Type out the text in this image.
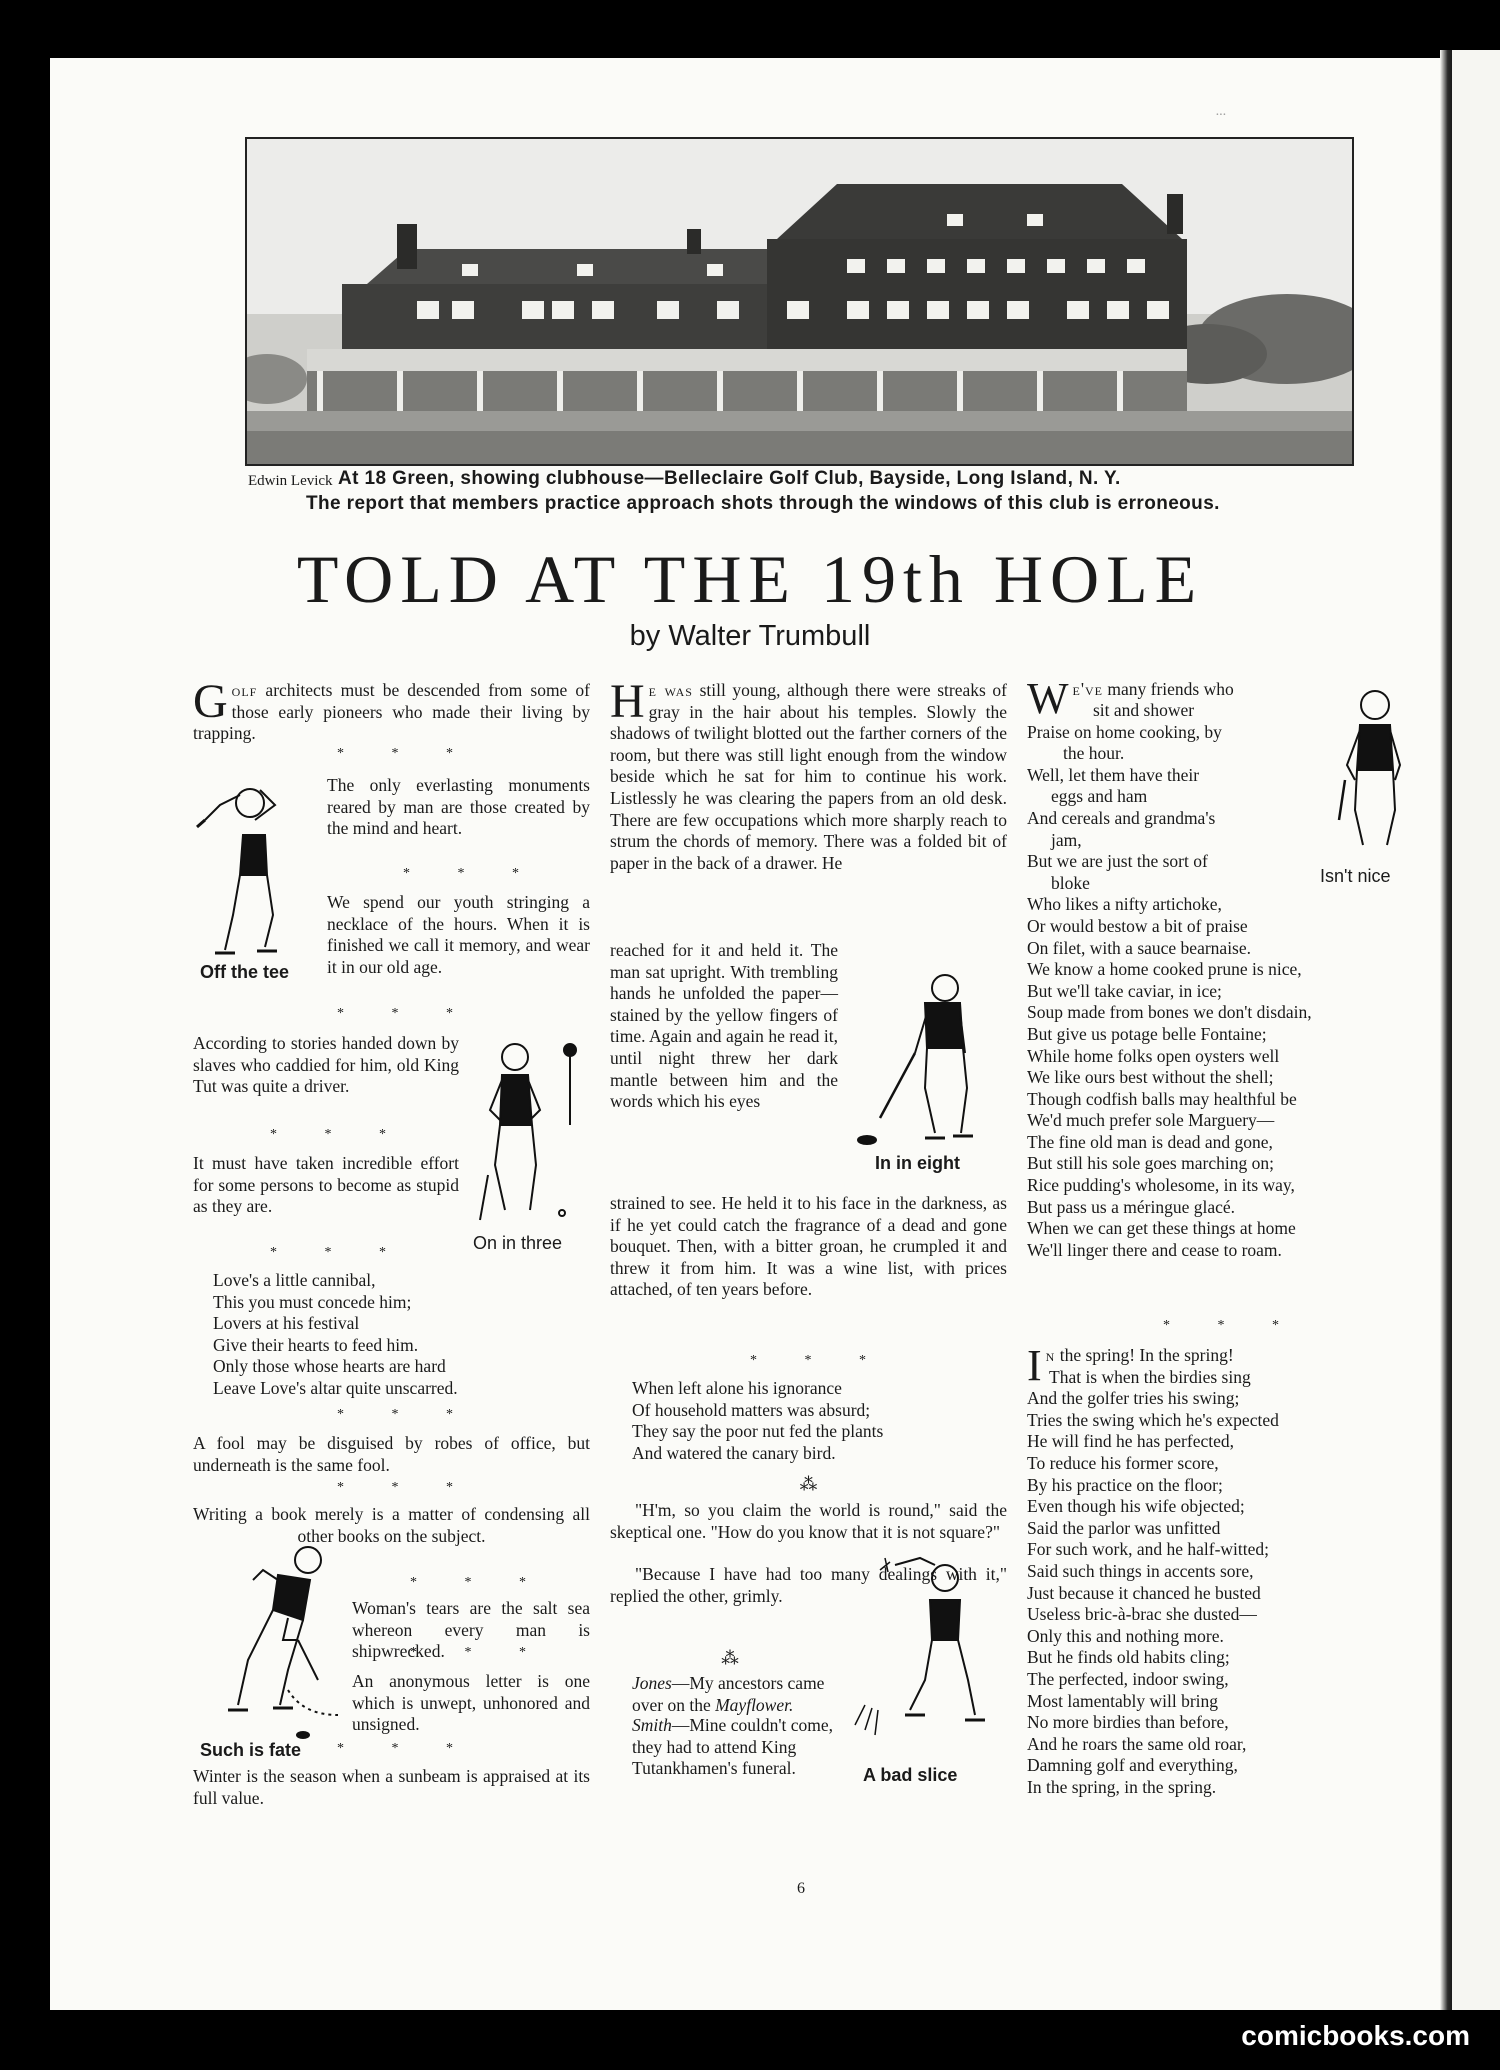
...
Edwin Levick At 18 Green, showing clubhouse—Belleclaire Golf Club, Bayside, Long Island, N. Y.
The report that members practice approach shots through the windows of this club is erroneous.
TOLD AT THE 19th HOLE
by Walter Trumbull

Golf architects must be descended from some of those early pioneers who made their living by trapping.

* * *
Off the tee

The only everlasting monuments reared by man are those created by the mind and heart.

* * *

We spend our youth stringing a necklace of the hours. When it is finished we call it memory, and wear it in our old age.

* * *

According to stories handed down by slaves who caddied for him, old King Tut was quite a driver.

* * *

It must have taken incredible effort for some persons to become as stupid as they are.

* * *	On in three
Love's a little cannibal,
This you must concede him;
Lovers at his festival
Give their hearts to feed him.
Only those whose hearts are hard
Leave Love's altar quite unscarred.
* * *

A fool may be disguised by robes of office, but underneath is the same fool.

* * *

Writing a book merely is a matter of condensing all other books on the subject.

* * *
Such is fate

Woman's tears are the salt sea whereon every man is shipwrecked.

* * *

An anonymous letter is one which is unwept, unhonored and unsigned.

* * *

Winter is the season when a sunbeam is appraised at its full value.

He was still young, although there were streaks of gray in the hair about his temples. Slowly the shadows of twilight blotted out the farther corners of the room, but there was still light enough from the window beside which he sat for him to continue his work. Listlessly he was clearing the papers from an old desk. There are few occupations which more sharply reach to strum the chords of memory. There was a folded bit of paper in the back of a drawer. He

reached for it and held it. The man sat upright. With trembling hands he unfolded the paper—stained by the yellow fingers of time. Again and again he read it, until night threw her dark mantle between him and the words which his eyes

In in eight

strained to see. He held it to his face in the darkness, as if he yet could catch the fragrance of a dead and gone bouquet. Then, with a bitter groan, he crumpled it and threw it from him. It was a wine list, with prices attached, of ten years before.

* * *
When left alone his ignorance
Of household matters was absurd;
They say the poor nut fed the plants
And watered the canary bird.
⁂

"H'm, so you claim the world is round," said the skeptical one. "How do you know that it is not square?"

"Because I have had too many dealings with it," replied the other, grimly.

⁂

Jones—My ancestors came over on the Mayflower.

Smith—Mine couldn't come, they had to attend King Tutankhamen's funeral.	A bad slice
We've many friends who
sit and shower
Praise on home cooking, by
the hour.
Well, let them have their
eggs and ham
And cereals and grandma's
jam,
But we are just the sort of
bloke
Who likes a nifty artichoke,
Or would bestow a bit of praise
On filet, with a sauce bearnaise.
We know a home cooked prune is nice,
But we'll take caviar, in ice;
Soup made from bones we don't disdain,
But give us potage belle Fontaine;
While home folks open oysters well
We like ours best without the shell;
Though codfish balls may healthful be
We'd much prefer sole Marguery—
The fine old man is dead and gone,
But still his sole goes marching on;
Rice pudding's wholesome, in its way,
But pass us a méringue glacé.
When we can get these things at home
We'll linger there and cease to roam.
Isn't nice
* * *
In the spring! In the spring!
That is when the birdies sing
And the golfer tries his swing;
Tries the swing which he's expected
He will find he has perfected,
To reduce his former score,
By his practice on the floor;
Even though his wife objected;
Said the parlor was unfitted
For such work, and he half-witted;
Said such things in accents sore,
Just because it chanced he busted
Useless bric-à-brac she dusted—
Only this and nothing more.
But he finds old habits cling;
The perfected, indoor swing,
Most lamentably will bring
No more birdies than before,
And he roars the same old roar,
Damning golf and everything,
In the spring, in the spring.
6
comicbooks.com
